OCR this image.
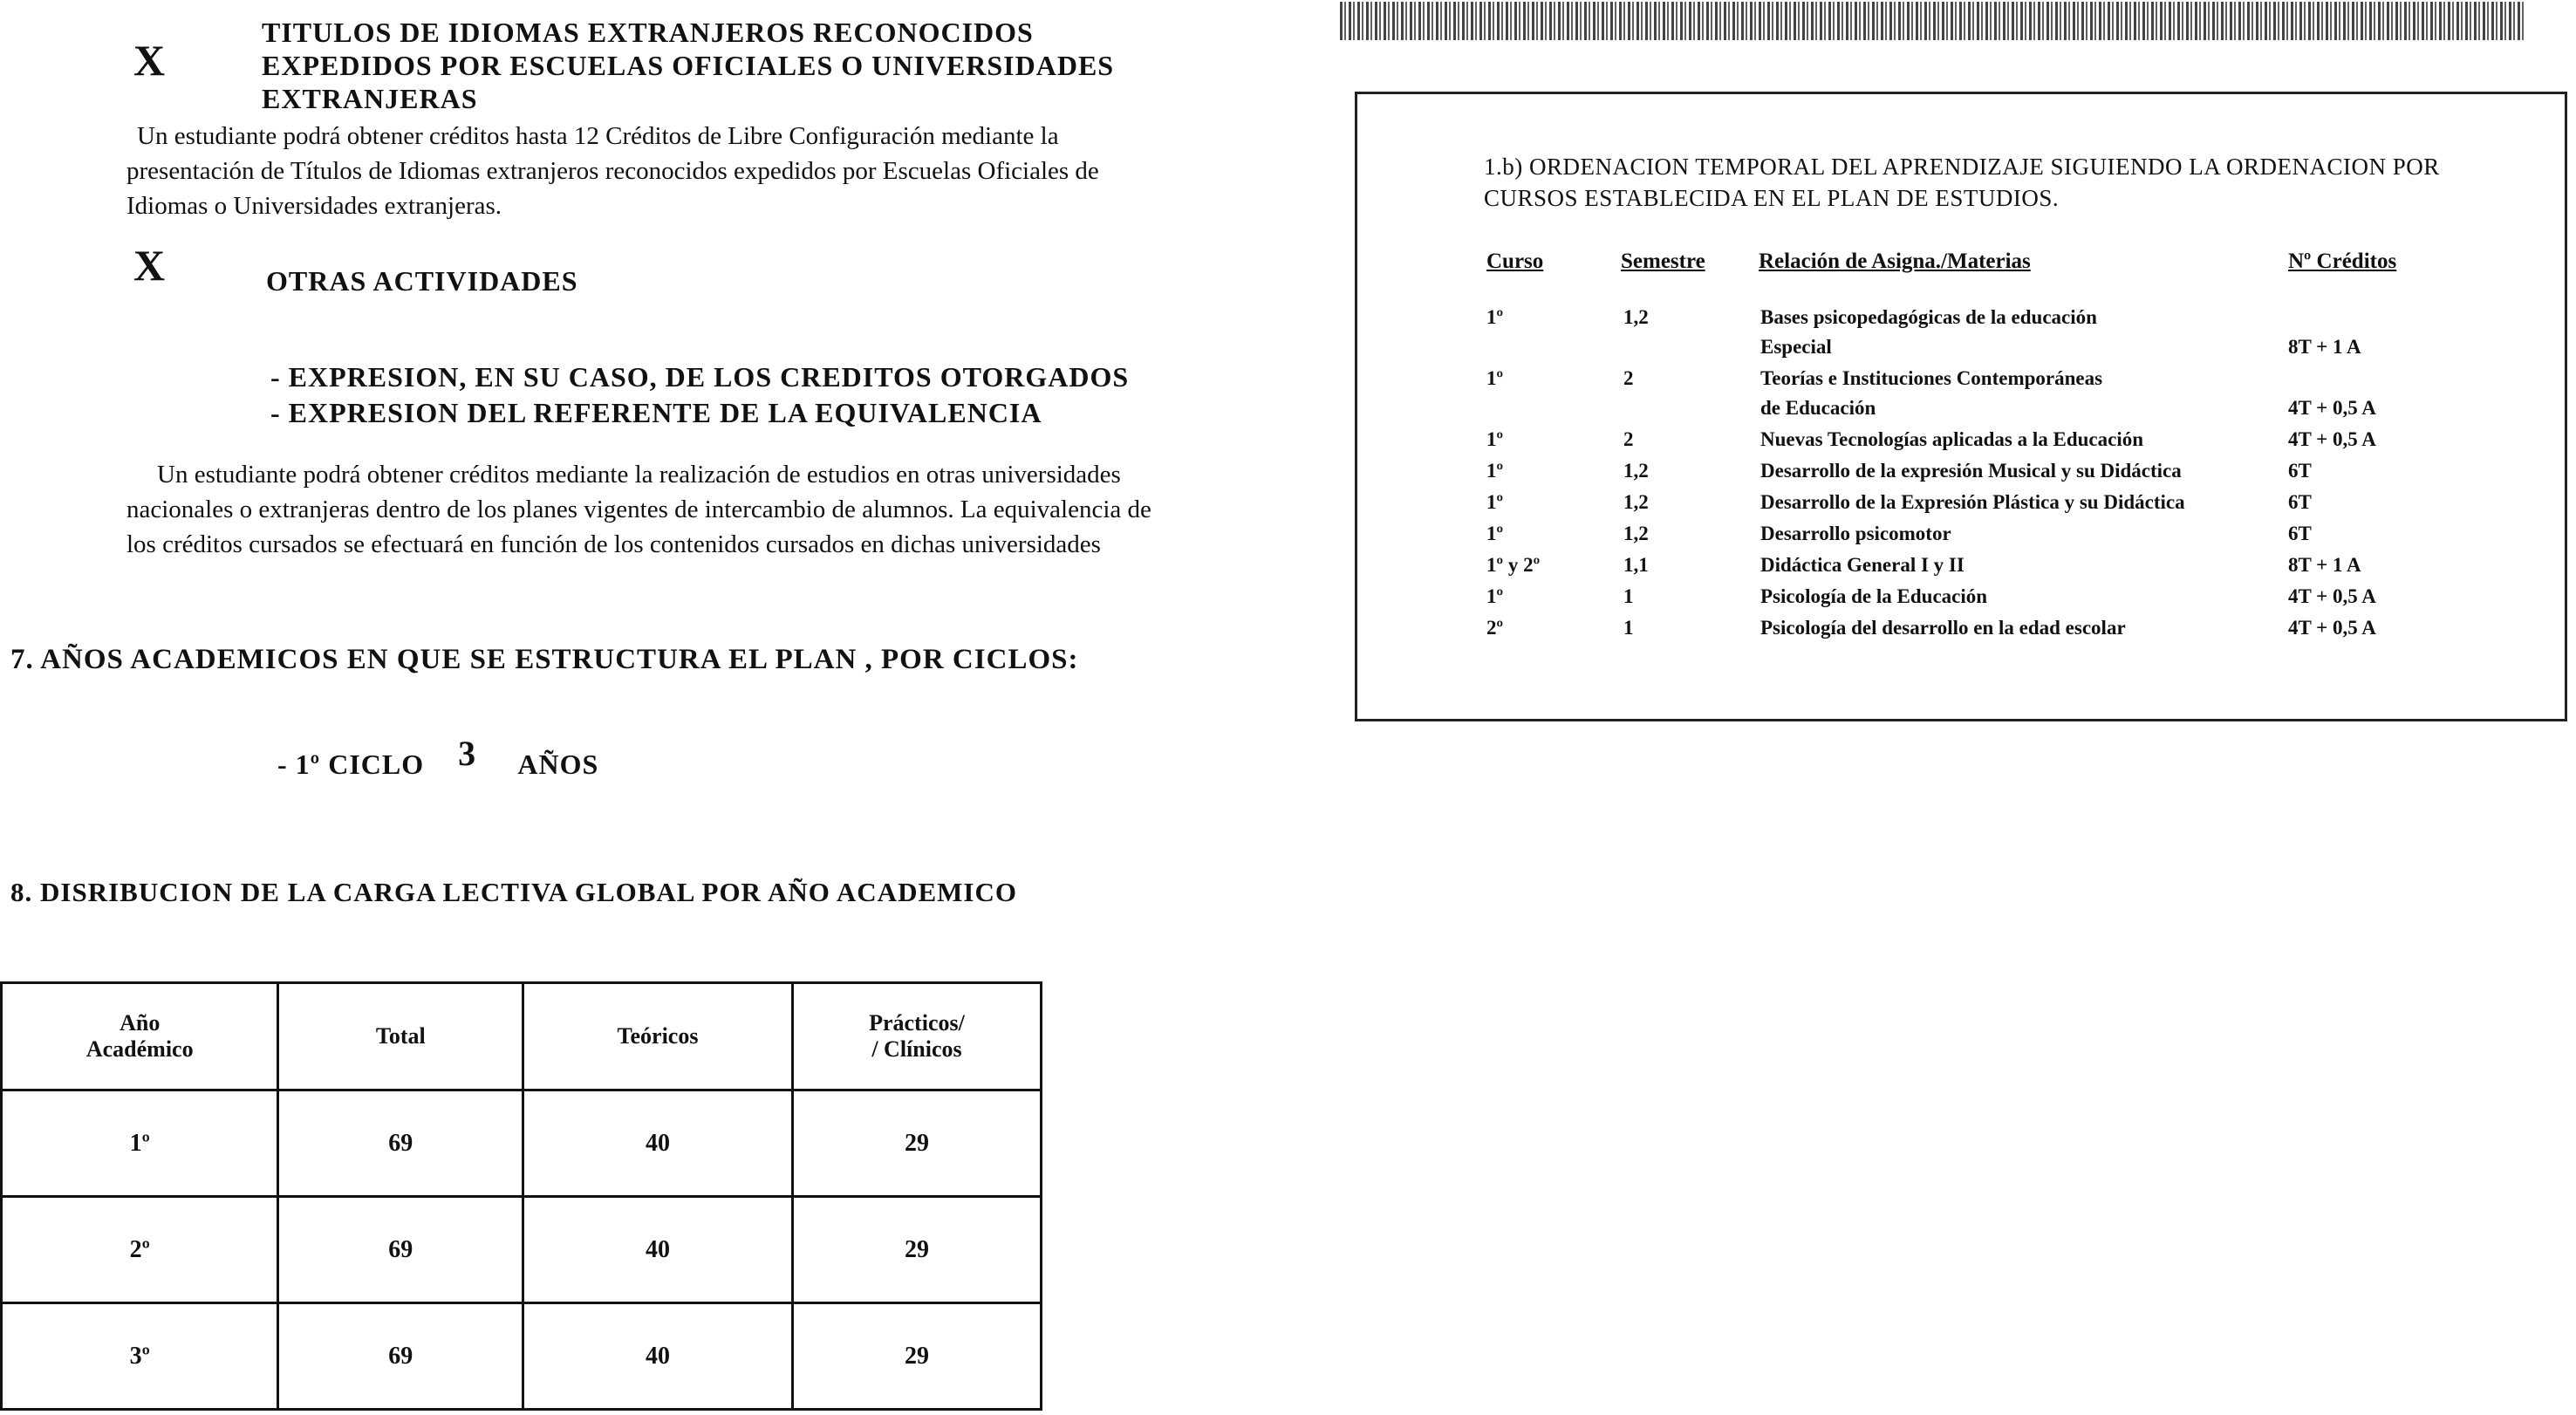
X
TITULOS DE IDIOMAS EXTRANJEROS RECONOCIDOS
EXPEDIDOS POR ESCUELAS OFICIALES O UNIVERSIDADES
EXTRANJERAS
Un estudiante podrá obtener créditos hasta 12 Créditos de Libre Configuración mediante la
presentación de Títulos de Idiomas extranjeros reconocidos expedidos por Escuelas Oficiales de
Idiomas o Universidades extranjeras.
X	OTRAS ACTIVIDADES
- EXPRESION, EN SU CASO, DE LOS CREDITOS OTORGADOS
- EXPRESION DEL REFERENTE DE LA EQUIVALENCIA
Un estudiante podrá obtener créditos mediante la realización de estudios en otras universidades
nacionales o extranjeras dentro de los planes vigentes de intercambio de alumnos. La equivalencia de
los créditos cursados se efectuará en función de los contenidos cursados en dichas universidades
7. AÑOS ACADEMICOS EN QUE SE ESTRUCTURA EL PLAN , POR CICLOS:
- 1º CICLO 3 AÑOS
8. DISRIBUCION DE LA CARGA LECTIVA GLOBAL POR AÑO ACADEMICO
Año
Académico	Total	Teóricos	Prácticos/
/ Clínicos
1º	69	40	29
2º	69	40	29
3º	69	40	29
1.b) ORDENACION TEMPORAL DEL APRENDIZAJE SIGUIENDO LA ORDENACION POR
CURSOS ESTABLECIDA EN EL PLAN DE ESTUDIOS.
Curso	Semestre Relación de Asigna./Materias	Nº Créditos
1º	1,2	Bases psicopedagógicas de la educación
Especial	8T + 1 A
1º	2	Teorías e Instituciones Contemporáneas
de Educación	4T + 0,5 A
1º	2	Nuevas Tecnologías aplicadas a la Educación	4T + 0,5 A
1º	1,2	Desarrollo de la expresión Musical y su Didáctica	6T
1º	1,2	Desarrollo de la Expresión Plástica y su Didáctica	6T
1º	1,2	Desarrollo psicomotor	6T
1º y 2º	1,1	Didáctica General I y II	8T + 1 A
1º	1	Psicología de la Educación	4T + 0,5 A
2º	1	Psicología del desarrollo en la edad escolar	4T + 0,5 A
